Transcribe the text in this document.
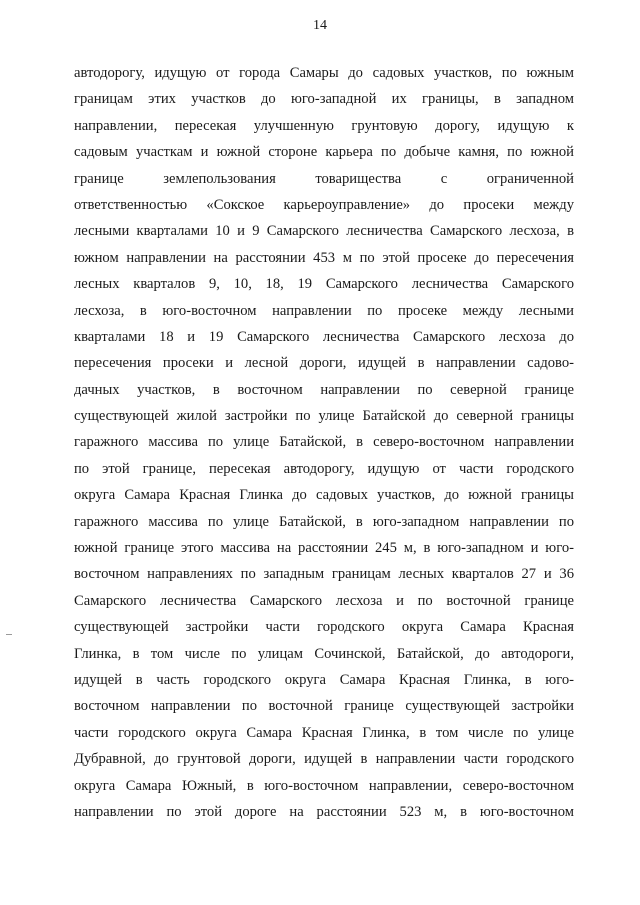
14
автодорогу, идущую от города Самары до садовых участков, по южным
границам этих участков до юго-западной их границы, в западном
направлении, пересекая улучшенную грунтовую дорогу, идущую к
садовым участкам и южной стороне карьера по добыче камня, по южной
границе землепользования товарищества с ограниченной
ответственностью «Сокское карьероуправление» до просеки между
лесными кварталами 10 и 9 Самарского лесничества Самарского лесхоза, в
южном направлении на расстоянии 453 м по этой просеке до пересечения
лесных кварталов 9, 10, 18, 19 Самарского лесничества Самарского
лесхоза, в юго-восточном направлении по просеке между лесными
кварталами 18 и 19 Самарского лесничества Самарского лесхоза до
пересечения просеки и лесной дороги, идущей в направлении садово-
дачных участков, в восточном направлении по северной границе
существующей жилой застройки по улице Батайской до северной границы
гаражного массива по улице Батайской, в северо-восточном направлении
по этой границе, пересекая автодорогу, идущую от части городского
округа Самара Красная Глинка до садовых участков, до южной границы
гаражного массива по улице Батайской, в юго-западном направлении по
южной границе этого массива на расстоянии 245 м, в юго-западном и юго-
восточном направлениях по западным границам лесных кварталов 27 и 36
Самарского лесничества Самарского лесхоза и по восточной границе
существующей застройки части городского округа Самара Красная
Глинка, в том числе по улицам Сочинской, Батайской, до автодороги,
идущей в часть городского округа Самара Красная Глинка, в юго-
восточном направлении по восточной границе существующей застройки
части городского округа Самара Красная Глинка, в том числе по улице
Дубравной, до грунтовой дороги, идущей в направлении части городского
округа Самара Южный, в юго-восточном направлении, северо-восточном
направлении по этой дороге на расстоянии 523 м, в юго-восточном
